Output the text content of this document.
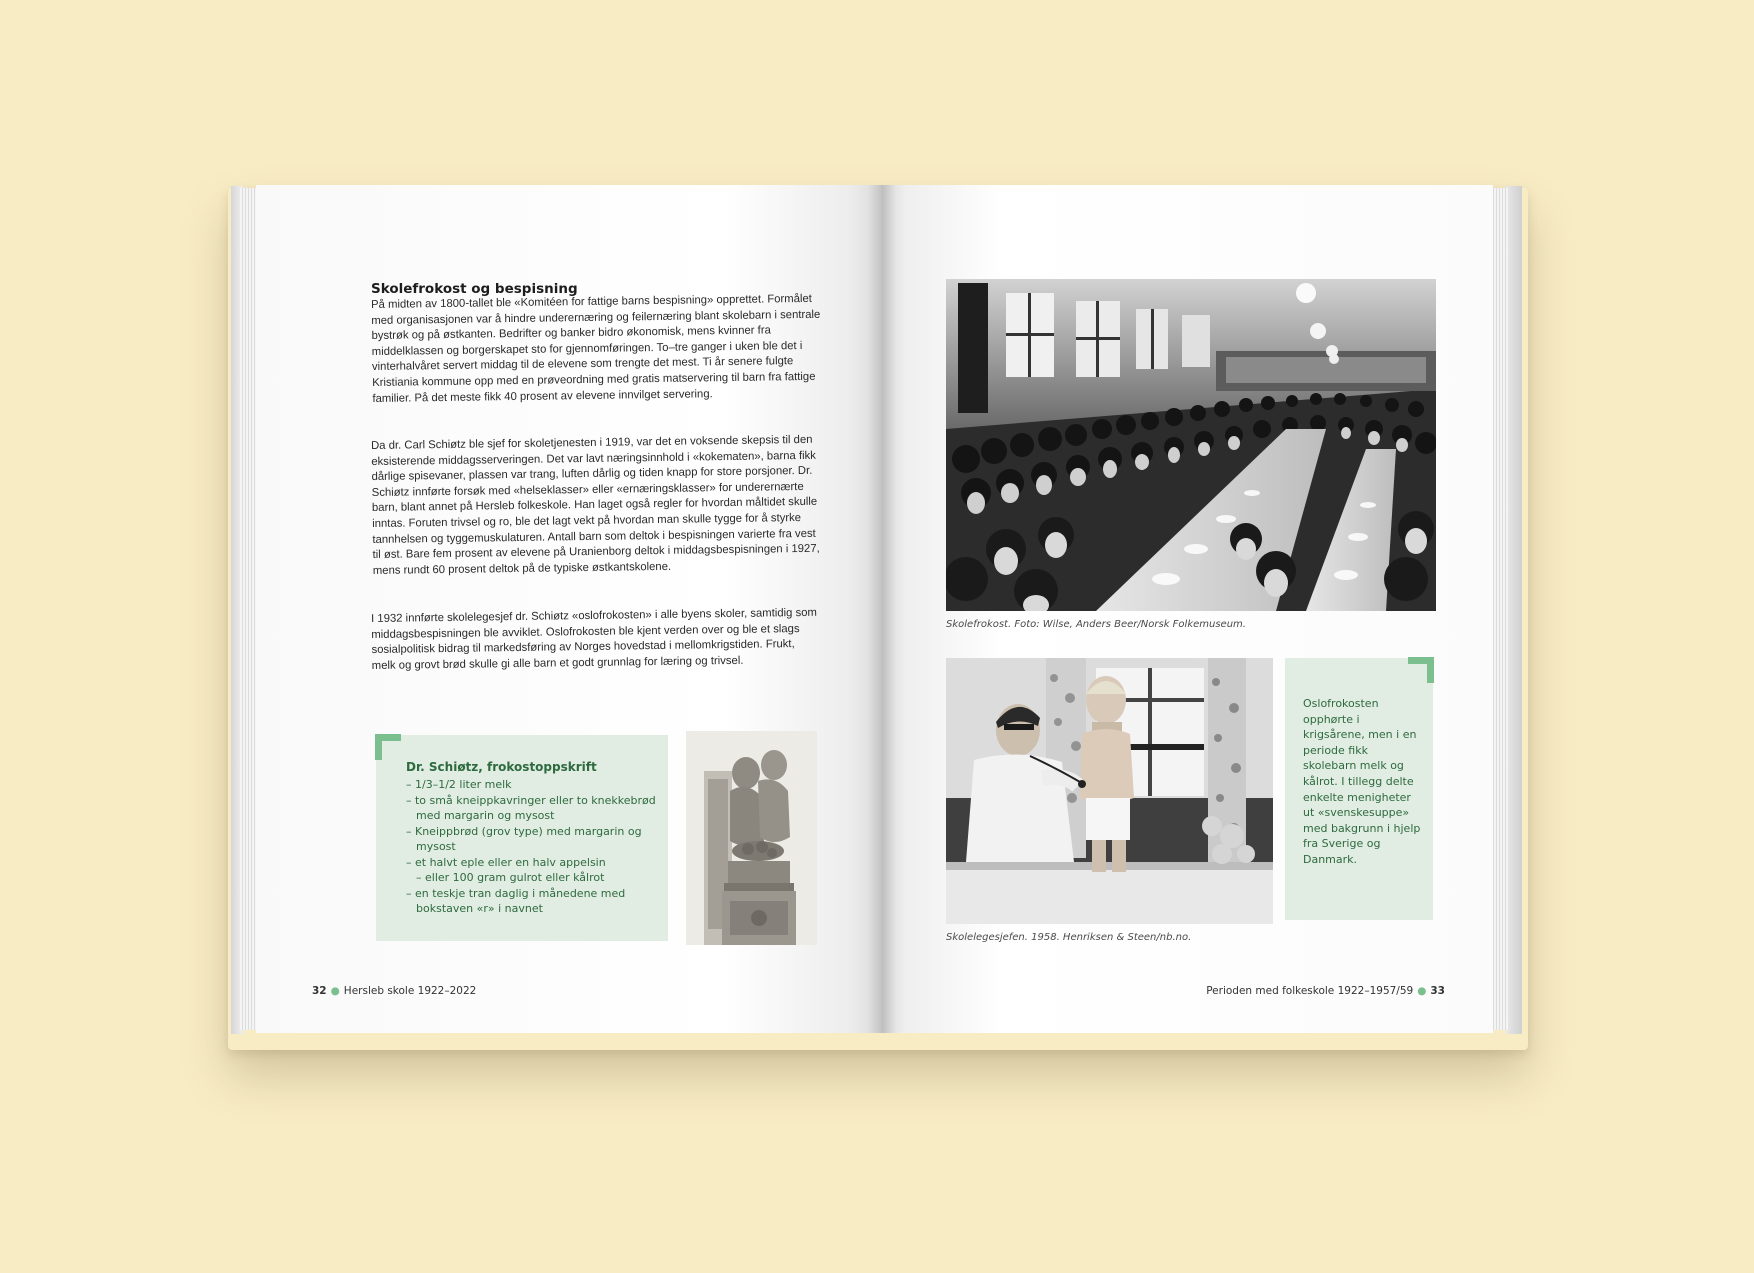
Skolefrokost og bespisning

På midten av 1800-tallet ble «Komitéen for fattige barns bespisning» opprettet. Formålet med organisasjonen var å hindre underernæring og feilernæring blant skolebarn i sentrale bystrøk og på østkanten. Bedrifter og banker bidro økonomisk, mens kvinner fra middelklassen og borgerskapet sto for gjennomføringen. To–tre ganger i uken ble det i vinterhalvåret servert middag til de elevene som trengte det mest. Ti år senere fulgte Kristiania kommune opp med en prøveordning med gratis matservering til barn fra fattige familier. På det meste fikk 40 prosent av elevene innvilget servering.

Da dr. Carl Schiøtz ble sjef for skoletjenesten i 1919, var det en voksende skepsis til den eksisterende middagsserveringen. Det var lavt næringsinnhold i «kokematen», barna fikk dårlige spisevaner, plassen var trang, luften dårlig og tiden knapp for store porsjoner. Dr. Schiøtz innførte forsøk med «helseklasser» eller «ernæringsklasser» for underernærte barn, blant annet på Hersleb folkeskole. Han laget også regler for hvordan måltidet skulle inntas. Foruten trivsel og ro, ble det lagt vekt på hvordan man skulle tygge for å styrke tannhelsen og tyggemuskulaturen. Antall barn som deltok i bespisningen varierte fra vest til øst. Bare fem prosent av elevene på Uranienborg deltok i middagsbespisningen i 1927, mens rundt 60 prosent deltok på de typiske østkantskolene.

I 1932 innførte skolelegesjef dr. Schiøtz «oslofrokosten» i alle byens skoler, samtidig som middagsbespisningen ble avviklet. Oslofrokosten ble kjent verden over og ble et slags sosialpolitisk bidrag til markedsføring av Norges hovedstad i mellomkrigstiden. Frukt, melk og grovt brød skulle gi alle barn et godt grunnlag for læring og trivsel.

Dr. Schiøtz, frokostoppskrift
– 1/3–1/2 liter melk
– to små kneippkavringer eller to knekkebrød med margarin og mysost
– Kneippbrød (grov type) med margarin og mysost
– et halvt eple eller en halv appelsin
– eller 100 gram gulrot eller kålrot
– en teskje tran daglig i månedene med bokstaven «r» i navnet
32 ● Hersleb skole 1922–2022

Skolefrokost. Foto: Wilse, Anders Beer/Norsk Folkemuseum.

Skolelegesjefen. 1958. Henriksen & Steen/nb.no.

Oslofrokosten opphørte i krigsårene, men i en periode fikk skolebarn melk og kålrot. I tillegg delte enkelte menigheter ut «svenskesuppe» med bakgrunn i hjelp fra Sverige og Danmark.

Perioden med folkeskole 1922–1957/59 ● 33
